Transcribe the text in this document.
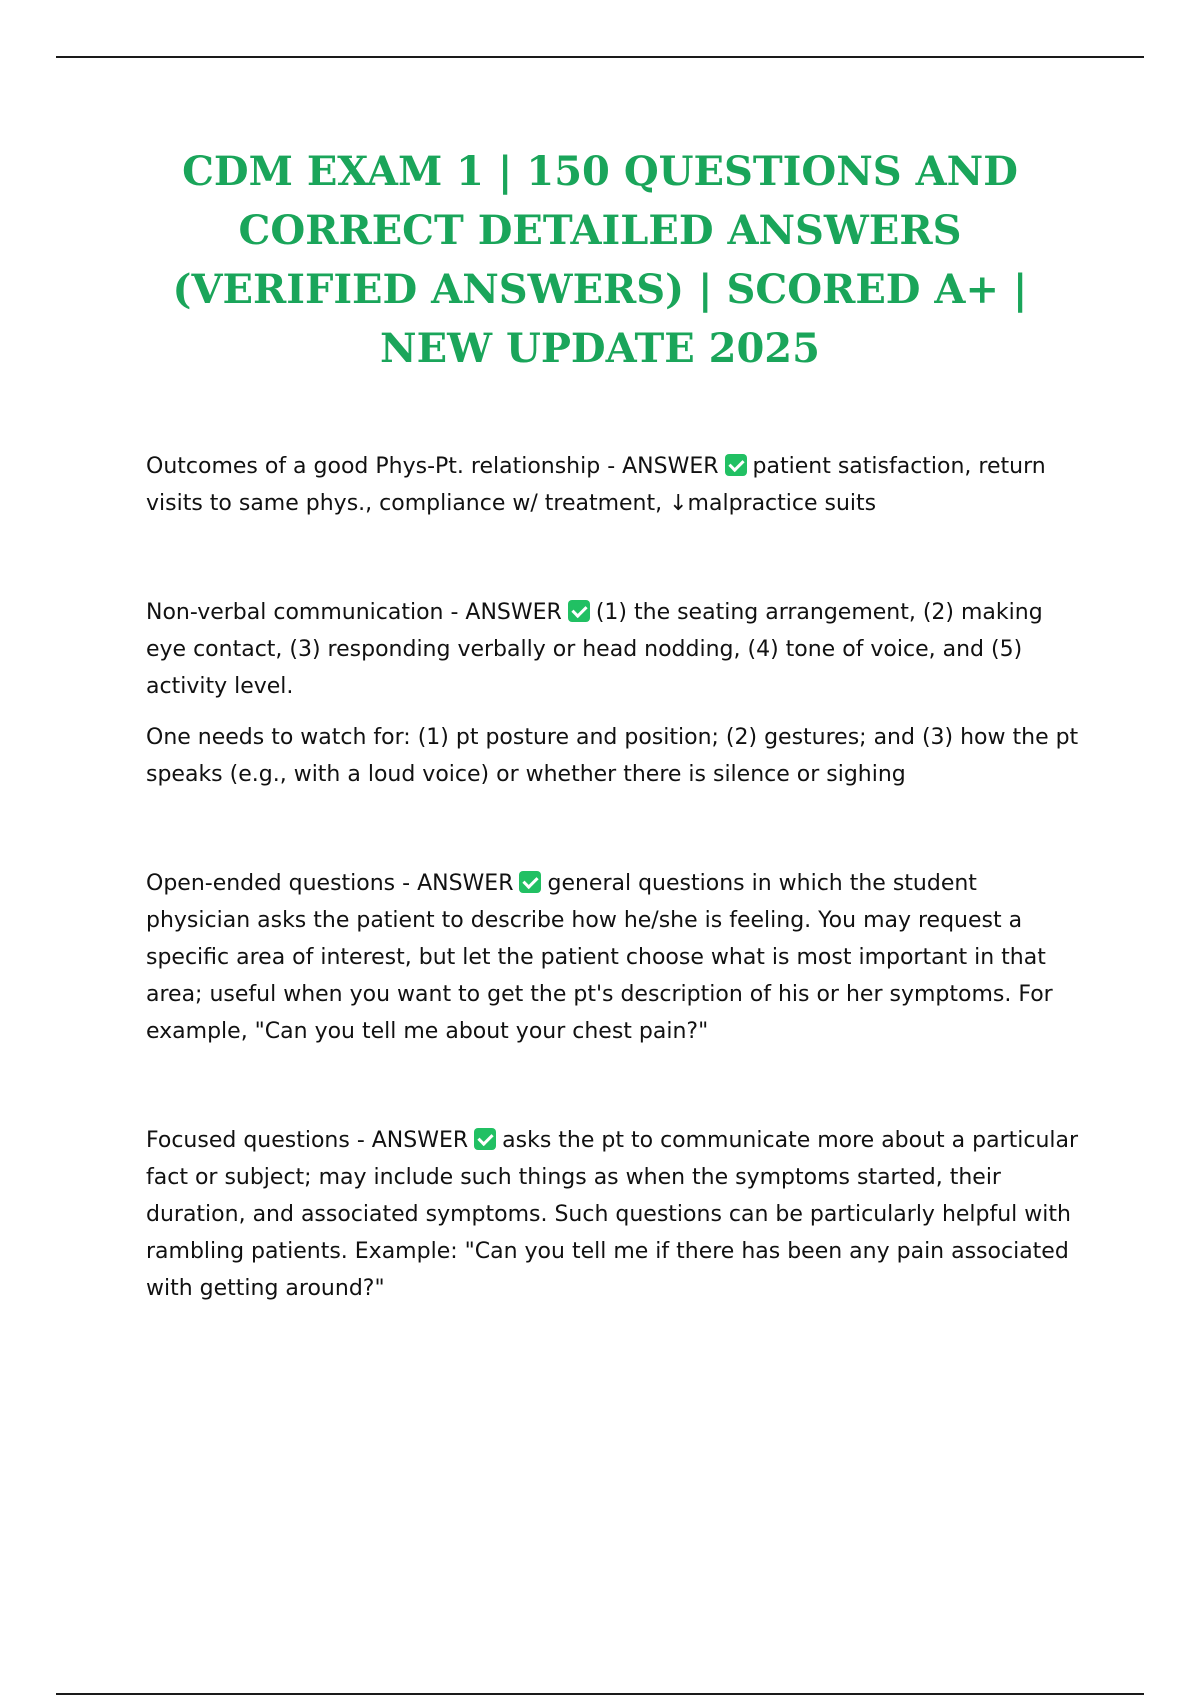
CDM EXAM 1 | 150 QUESTIONS AND CORRECT DETAILED ANSWERS (VERIFIED ANSWERS) | SCORED A+ | NEW UPDATE 2025

Outcomes of a good Phys-Pt. relationship - ANSWER patient satisfaction, return visits to same phys., compliance w/ treatment, ↓malpractice suits

Non-verbal communication - ANSWER (1) the seating arrangement, (2) making eye contact, (3) responding verbally or head nodding, (4) tone of voice, and (5) activity level.

One needs to watch for: (1) pt posture and position; (2) gestures; and (3) how the pt speaks (e.g., with a loud voice) or whether there is silence or sighing

Open-ended questions - ANSWER general questions in which the student physician asks the patient to describe how he/she is feeling. You may request a specific area of interest, but let the patient choose what is most important in that area; useful when you want to get the pt's description of his or her symptoms. For example, "Can you tell me about your chest pain?"

Focused questions - ANSWER asks the pt to communicate more about a particular fact or subject; may include such things as when the symptoms started, their duration, and associated symptoms. Such questions can be particularly helpful with rambling patients. Example: "Can you tell me if there has been any pain associated with getting around?"
